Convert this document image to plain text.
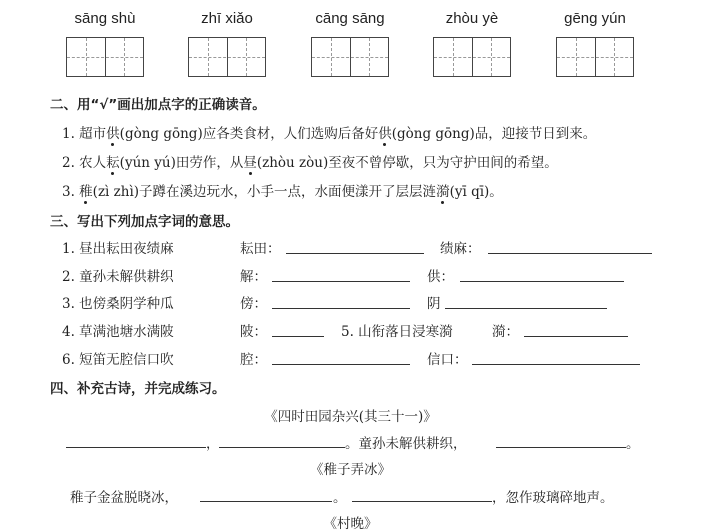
sāng shù	zhī xiǎo	cāng sāng	zhòu yè	gēng yún
二、用“√”画出加点字的正确读音。
1. 超市供(gòng gōng)应各类食材，人们选购后备好供(gòng gōng)品，迎接节日到来。
2. 农人耘(yún yú)田劳作，从昼(zhòu zòu)至夜不曾停歇，只为守护田间的希望。
3. 稚(zì zhì)子蹲在溪边玩水，小手一点，水面便漾开了层层涟漪(yī qī)。
三、写出下列加点字词的意思。
1. 昼出耘田夜绩麻	耘田：	绩麻：
2. 童孙未解供耕织	解：	供：
3. 也傍桑阴学种瓜	傍：	阴
4. 草满池塘水满陂	陂：	5. 山衔落日浸寒漪	漪：
6. 短笛无腔信口吹	腔：	信口：
四、补充古诗，并完成练习。
《四时田园杂兴(其三十一)》
，	。童孙未解供耕织，	。
《稚子弄冰》
稚子金盆脱晓冰，	。	，忽作玻璃碎地声。
《村晚》
